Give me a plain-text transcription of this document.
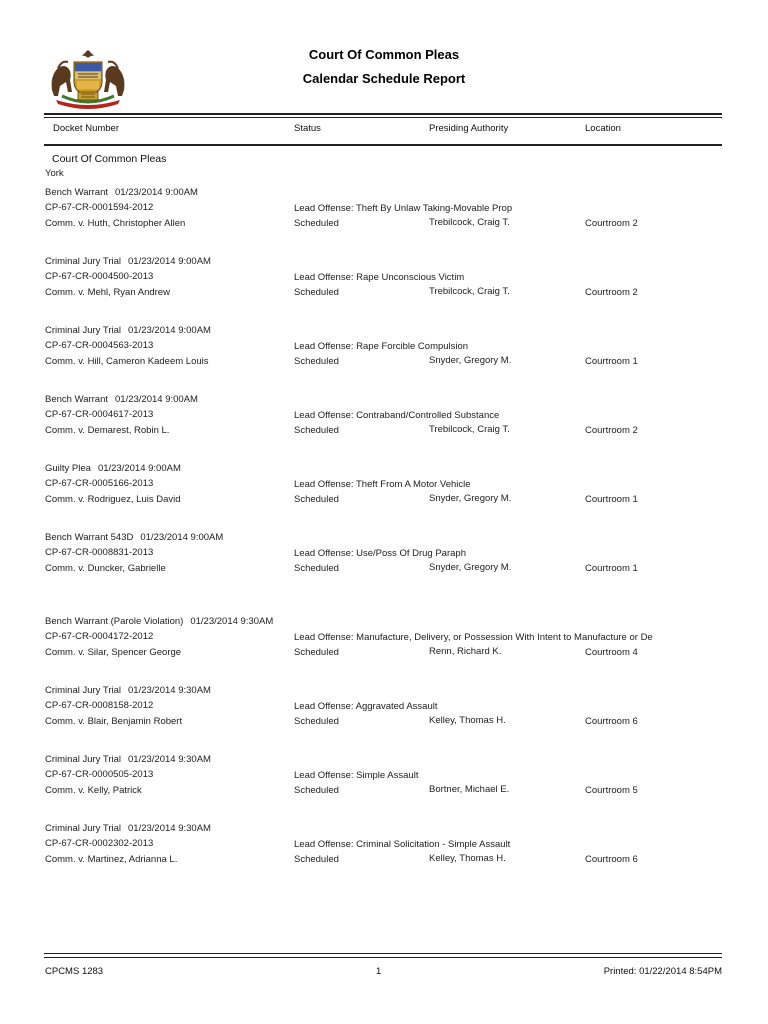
Court Of Common Pleas
Calendar Schedule Report
Docket Number	Status	Presiding Authority	Location
Court Of Common Pleas
York
Bench Warrant 01/23/2014 9:00AM
CP-67-CR-0001594-2012
Comm. v. Huth, Christopher Allen
Lead Offense: Theft By Unlaw Taking-Movable Prop
Scheduled	Trebilcock, Craig T.	Courtroom 2
Criminal Jury Trial 01/23/2014 9:00AM
CP-67-CR-0004500-2013
Comm. v. Mehl, Ryan Andrew
Lead Offense: Rape Unconscious Victim
Scheduled	Trebilcock, Craig T.	Courtroom 2
Criminal Jury Trial 01/23/2014 9:00AM
CP-67-CR-0004563-2013
Comm. v. Hill, Cameron Kadeem Louis
Lead Offense: Rape Forcible Compulsion
Scheduled	Snyder, Gregory M.	Courtroom 1
Bench Warrant 01/23/2014 9:00AM
CP-67-CR-0004617-2013
Comm. v. Demarest, Robin L.
Lead Offense: Contraband/Controlled Substance
Scheduled	Trebilcock, Craig T.	Courtroom 2
Guilty Plea 01/23/2014 9:00AM
CP-67-CR-0005166-2013
Comm. v. Rodriguez, Luis David
Lead Offense: Theft From A Motor Vehicle
Scheduled	Snyder, Gregory M.	Courtroom 1
Bench Warrant 543D 01/23/2014 9:00AM
CP-67-CR-0008831-2013
Comm. v. Duncker, Gabrielle
Lead Offense: Use/Poss Of Drug Paraph
Scheduled	Snyder, Gregory M.	Courtroom 1
Bench Warrant (Parole Violation) 01/23/2014 9:30AM
CP-67-CR-0004172-2012
Comm. v. Silar, Spencer George
Lead Offense: Manufacture, Delivery, or Possession With Intent to Manufacture or De
Scheduled	Renn, Richard K.	Courtroom 4
Criminal Jury Trial 01/23/2014 9:30AM
CP-67-CR-0008158-2012
Comm. v. Blair, Benjamin Robert
Lead Offense: Aggravated Assault
Scheduled	Kelley, Thomas H.	Courtroom 6
Criminal Jury Trial 01/23/2014 9:30AM
CP-67-CR-0000505-2013
Comm. v. Kelly, Patrick
Lead Offense: Simple Assault
Scheduled	Bortner, Michael E.	Courtroom 5
Criminal Jury Trial 01/23/2014 9:30AM
CP-67-CR-0002302-2013
Comm. v. Martinez, Adrianna L.
Lead Offense: Criminal Solicitation - Simple Assault
Scheduled	Kelley, Thomas H.	Courtroom 6
CPCMS 1283	1	Printed: 01/22/2014 8:54PM
